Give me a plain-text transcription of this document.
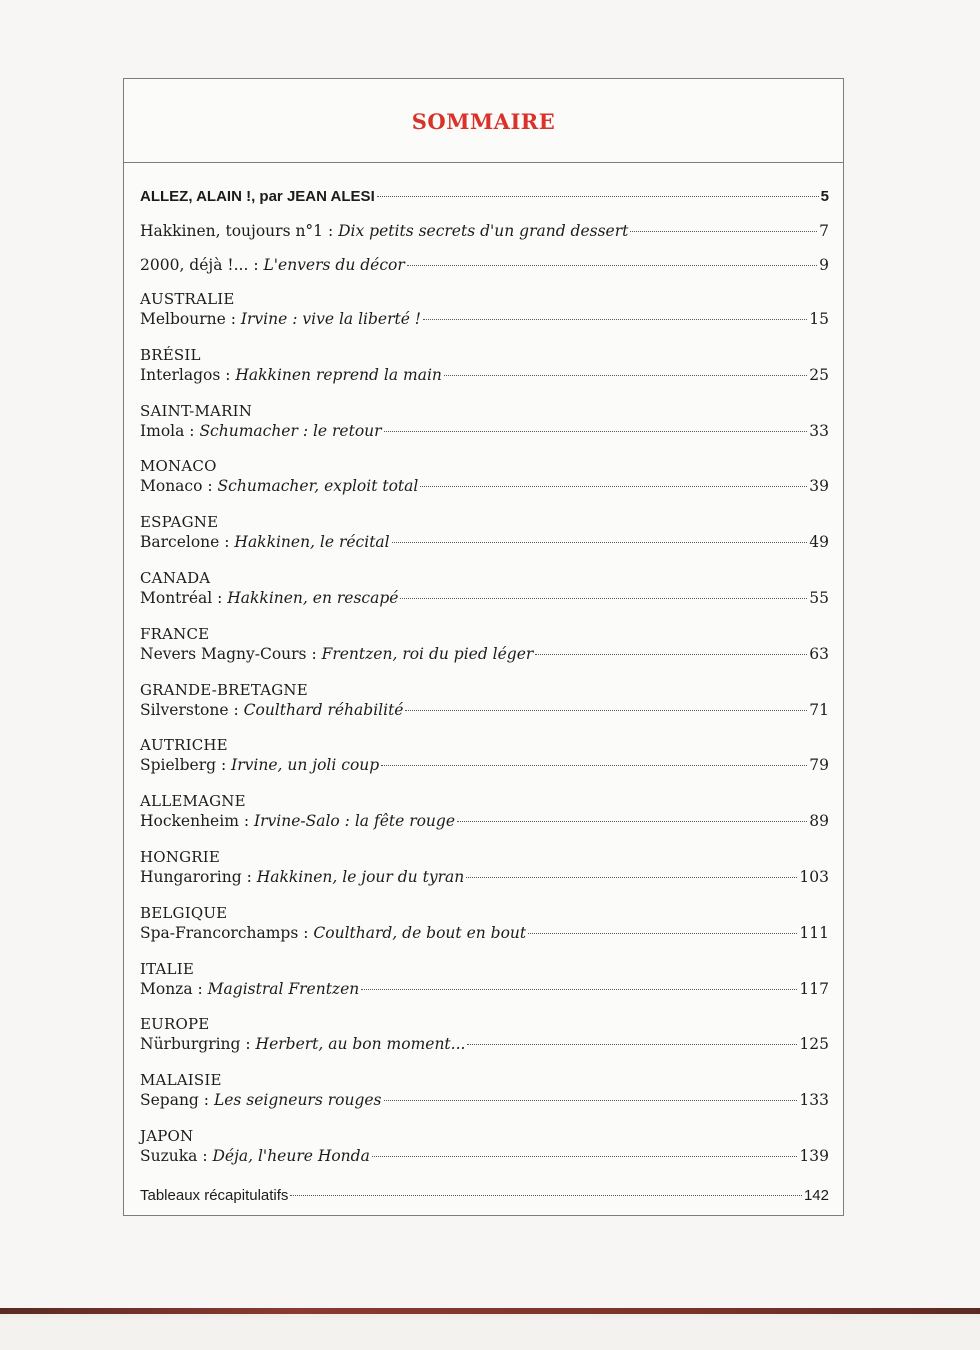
SOMMAIRE
ALLEZ, ALAIN !, par JEAN ALESI	5
Hakkinen, toujours n°1 : Dix petits secrets d'un grand dessert	7
2000, déjà !... : L'envers du décor	9
AUSTRALIE
Melbourne : Irvine : vive la liberté !	15
BRÉSIL
Interlagos : Hakkinen reprend la main	25
SAINT-MARIN
Imola : Schumacher : le retour	33
MONACO
Monaco : Schumacher, exploit total	39
ESPAGNE
Barcelone : Hakkinen, le récital	49
CANADA
Montréal : Hakkinen, en rescapé	55
FRANCE
Nevers Magny-Cours : Frentzen, roi du pied léger	63
GRANDE-BRETAGNE
Silverstone : Coulthard réhabilité	71
AUTRICHE
Spielberg : Irvine, un joli coup	79
ALLEMAGNE
Hockenheim : Irvine-Salo : la fête rouge	89
HONGRIE
Hungaroring : Hakkinen, le jour du tyran	103
BELGIQUE
Spa-Francorchamps : Coulthard, de bout en bout	111
ITALIE
Monza : Magistral Frentzen	117
EUROPE
Nürburgring : Herbert, au bon moment...	125
MALAISIE
Sepang : Les seigneurs rouges	133
JAPON
Suzuka : Déja, l'heure Honda	139
Tableaux récapitulatifs	142
